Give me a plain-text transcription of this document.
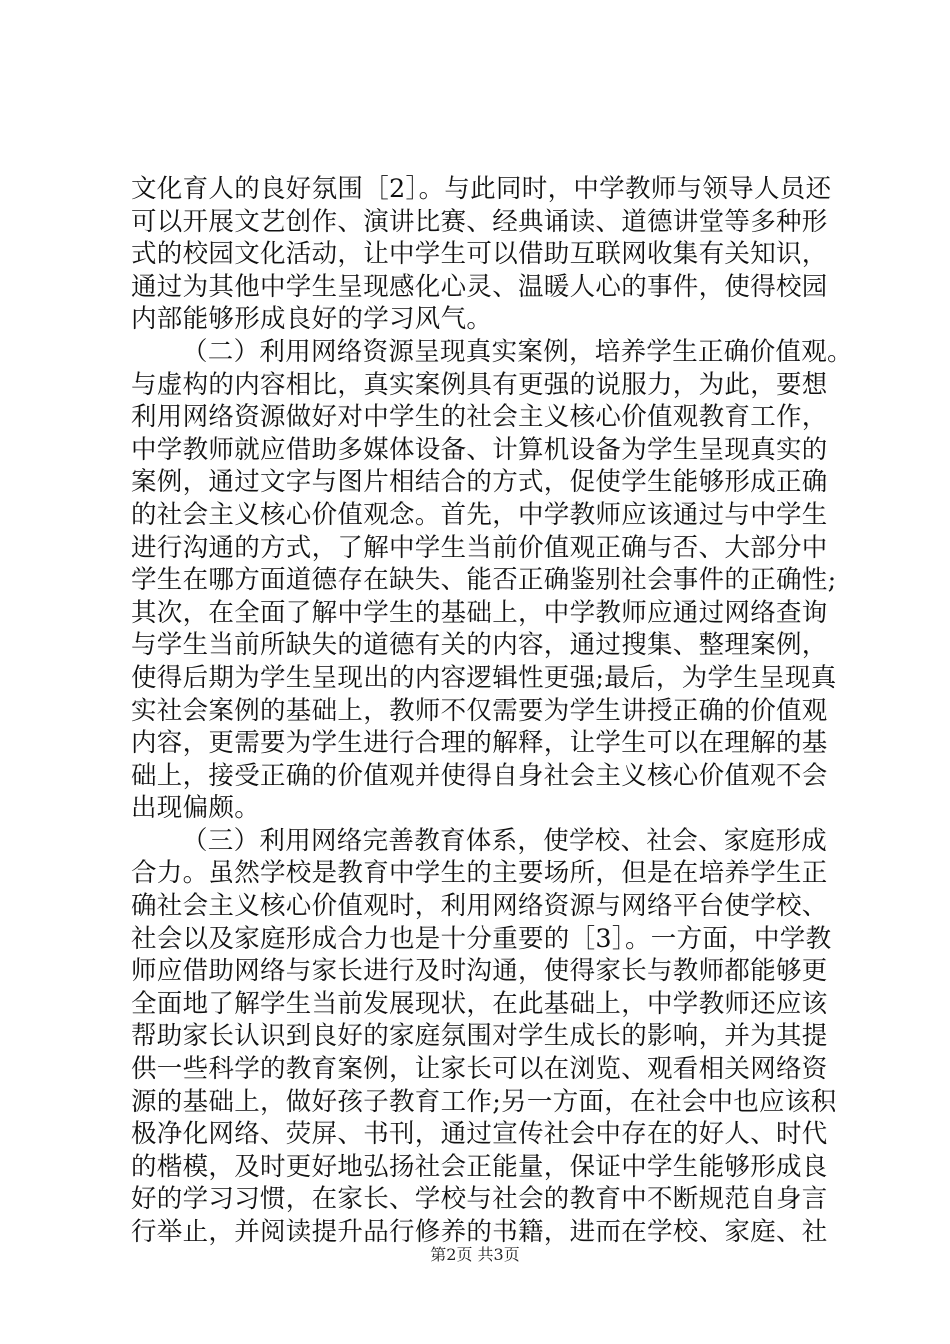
文化育人的良好氛围［2］。与此同时，中学教师与领导人员还
可以开展文艺创作、演讲比赛、经典诵读、道德讲堂等多种形
式的校园文化活动，让中学生可以借助互联网收集有关知识，
通过为其他中学生呈现感化心灵、温暖人心的事件，使得校园
内部能够形成良好的学习风气。
（二）利用网络资源呈现真实案例，培养学生正确价值观。
与虚构的内容相比，真实案例具有更强的说服力，为此，要想
利用网络资源做好对中学生的社会主义核心价值观教育工作，
中学教师就应借助多媒体设备、计算机设备为学生呈现真实的
案例，通过文字与图片相结合的方式，促使学生能够形成正确
的社会主义核心价值观念。首先，中学教师应该通过与中学生
进行沟通的方式，了解中学生当前价值观正确与否、大部分中
学生在哪方面道德存在缺失、能否正确鉴别社会事件的正确性;
其次，在全面了解中学生的基础上，中学教师应通过网络查询
与学生当前所缺失的道德有关的内容，通过搜集、整理案例，
使得后期为学生呈现出的内容逻辑性更强;最后，为学生呈现真
实社会案例的基础上，教师不仅需要为学生讲授正确的价值观
内容，更需要为学生进行合理的解释，让学生可以在理解的基
础上，接受正确的价值观并使得自身社会主义核心价值观不会
出现偏颇。
（三）利用网络完善教育体系，使学校、社会、家庭形成
合力。虽然学校是教育中学生的主要场所，但是在培养学生正
确社会主义核心价值观时，利用网络资源与网络平台使学校、
社会以及家庭形成合力也是十分重要的［3］。一方面，中学教
师应借助网络与家长进行及时沟通，使得家长与教师都能够更
全面地了解学生当前发展现状，在此基础上，中学教师还应该
帮助家长认识到良好的家庭氛围对学生成长的影响，并为其提
供一些科学的教育案例，让家长可以在浏览、观看相关网络资
源的基础上，做好孩子教育工作;另一方面，在社会中也应该积
极净化网络、荧屏、书刊，通过宣传社会中存在的好人、时代
的楷模，及时更好地弘扬社会正能量，保证中学生能够形成良
好的学习习惯，在家长、学校与社会的教育中不断规范自身言
行举止，并阅读提升品行修养的书籍，进而在学校、家庭、社
第2页 共3页
